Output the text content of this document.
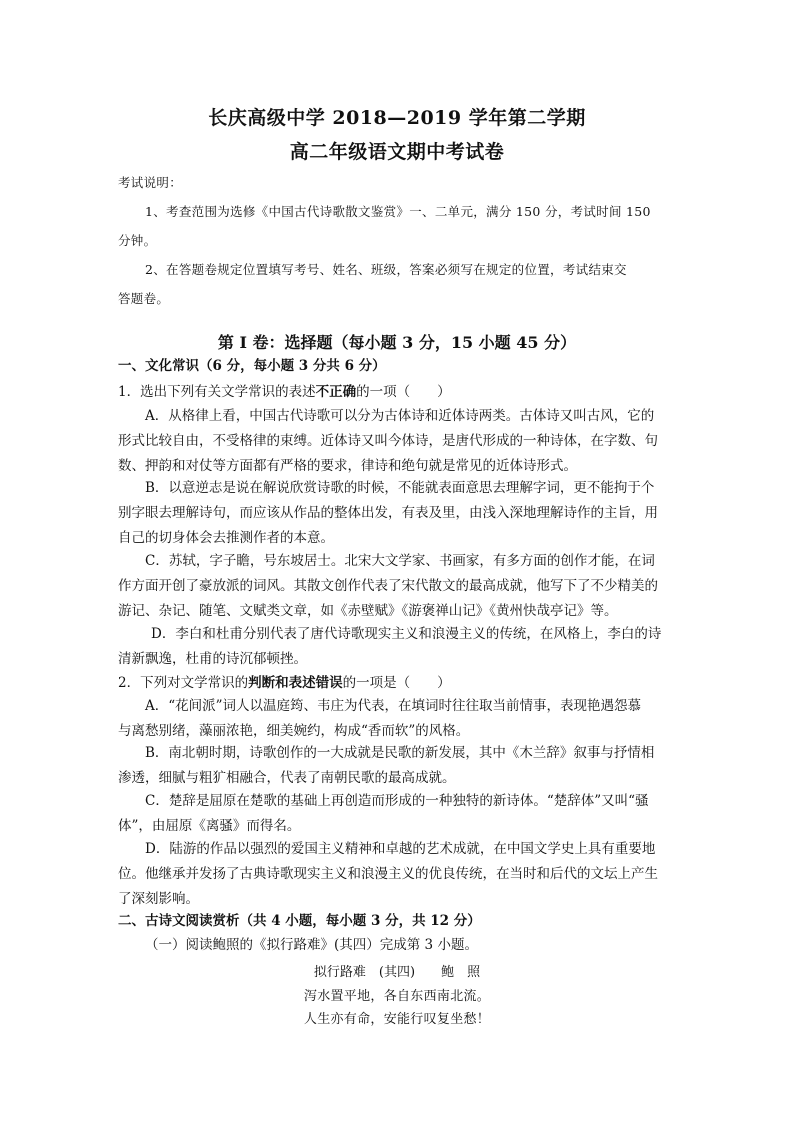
长庆高级中学 2018—2019 学年第二学期
高二年级语文期中考试卷
考试说明：
1、考查范围为选修《中国古代诗歌散文鉴赏》一、二单元，满分 150 分，考试时间 150
分钟。
2、在答题卷规定位置填写考号、姓名、班级，答案必须写在规定的位置，考试结束交
答题卷。
第 I 卷：选择题（每小题 3 分，15 小题 45 分）
一、文化常识（6 分，每小题 3 分共 6 分）
1．选出下列有关文学常识的表述不正确的一项（　　）
A．从格律上看，中国古代诗歌可以分为古体诗和近体诗两类。古体诗又叫古风，它的
形式比较自由，不受格律的束缚。近体诗又叫今体诗，是唐代形成的一种诗体，在字数、句
数、押韵和对仗等方面都有严格的要求，律诗和绝句就是常见的近体诗形式。
B．以意逆志是说在解说欣赏诗歌的时候，不能就表面意思去理解字词，更不能拘于个
别字眼去理解诗句，而应该从作品的整体出发，有表及里，由浅入深地理解诗作的主旨，用
自己的切身体会去推测作者的本意。
C．苏轼，字子瞻，号东坡居士。北宋大文学家、书画家，有多方面的创作才能，在词
作方面开创了豪放派的词风。其散文创作代表了宋代散文的最高成就，他写下了不少精美的
游记、杂记、随笔、文赋类文章，如《赤壁赋》《游褒禅山记》《黄州快哉亭记》等。
D．李白和杜甫分别代表了唐代诗歌现实主义和浪漫主义的传统，在风格上，李白的诗
清新飘逸，杜甫的诗沉郁顿挫。
2．下列对文学常识的判断和表述错误的一项是（　　）
A．“花间派”词人以温庭筠、韦庄为代表，在填词时往往取当前情事，表现艳遇怨慕
与离愁别绪，藻丽浓艳，细美婉约，构成“香而软”的风格。
B．南北朝时期，诗歌创作的一大成就是民歌的新发展，其中《木兰辞》叙事与抒情相
渗透，细腻与粗犷相融合，代表了南朝民歌的最高成就。
C．楚辞是屈原在楚歌的基础上再创造而形成的一种独特的新诗体。“楚辞体”又叫“骚
体”，由屈原《离骚》而得名。
D．陆游的作品以强烈的爱国主义精神和卓越的艺术成就，在中国文学史上具有重要地
位。他继承并发扬了古典诗歌现实主义和浪漫主义的优良传统，在当时和后代的文坛上产生
了深刻影响。
二、古诗文阅读赏析（共 4 小题，每小题 3 分，共 12 分）
（一）阅读鲍照的《拟行路难》(其四）完成第 3 小题。
拟行路难　(其四)　　鲍　照
泻水置平地，各自东西南北流。
人生亦有命，安能行叹复坐愁！
